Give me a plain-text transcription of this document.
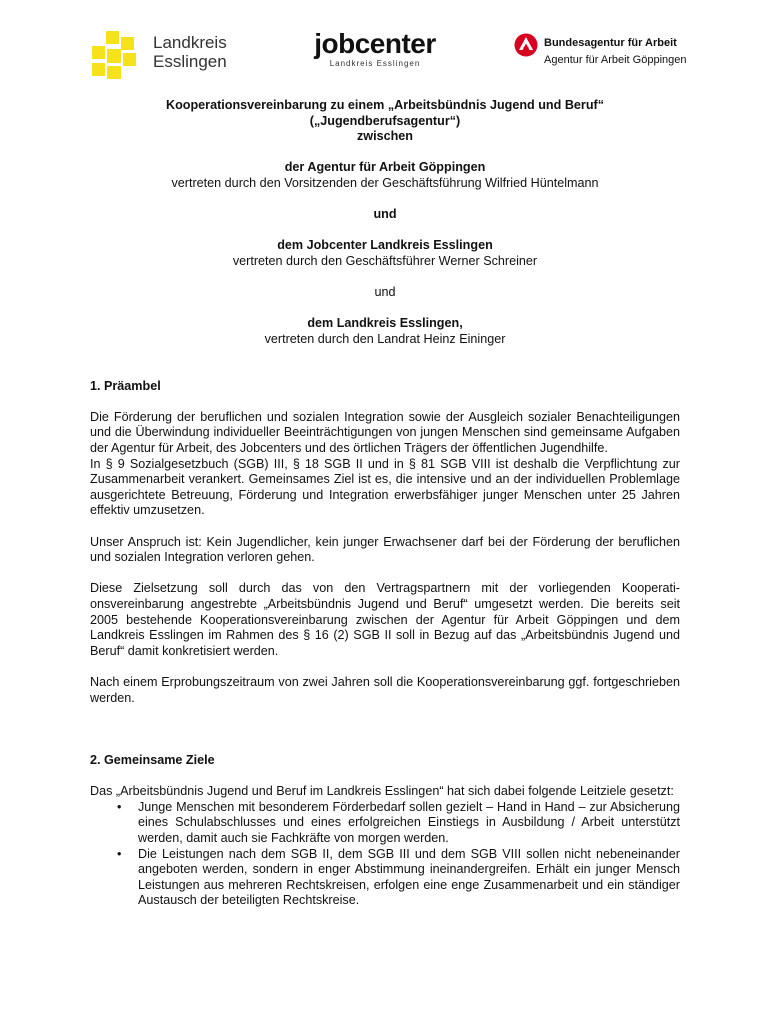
Landkreis
Esslingen
jobcenter
Landkreis Esslingen
Bundesagentur für Arbeit
Agentur für Arbeit Göppingen
Kooperationsvereinbarung zu einem „Arbeitsbündnis Jugend und Beruf“
(„Jugendberufsagentur“)
zwischen
der Agentur für Arbeit Göppingen
vertreten durch den Vorsitzenden der Geschäftsführung Wilfried Hüntelmann
und
dem Jobcenter Landkreis Esslingen
vertreten durch den Geschäftsführer Werner Schreiner
und
dem Landkreis Esslingen,
vertreten durch den Landrat Heinz Eininger

1. Präambel

Die Förderung der beruflichen und sozialen Integration sowie der Ausgleich sozialer Benachteiligungen und die Überwindung individueller Beeinträchtigungen von jungen Menschen sind gemeinsame Aufgaben der Agentur für Arbeit, des Jobcenters und des örtlichen Trägers der öffentlichen Jugendhilfe.

In § 9 Sozialgesetzbuch (SGB) III, § 18 SGB II und in § 81 SGB VIII ist deshalb die Verpflichtung zur Zusammenarbeit verankert. Gemeinsames Ziel ist es, die intensive und an der individuellen Problemlage ausgerichtete Betreuung, Förderung und Integration erwerbsfähiger junger Menschen unter 25 Jahren effektiv umzusetzen.

Unser Anspruch ist: Kein Jugendlicher, kein junger Erwachsener darf bei der Förderung der beruflichen und sozialen Integration verloren gehen.

Diese Zielsetzung soll durch das von den Vertragspartnern mit der vorliegenden Kooperationsvereinbarung angestrebte „Arbeitsbündnis Jugend und Beruf“ umgesetzt werden. Die bereits seit 2005 bestehende Kooperationsvereinbarung zwischen der Agentur für Arbeit Göppingen und dem Landkreis Esslingen im Rahmen des § 16 (2) SGB II soll in Bezug auf das „Arbeitsbündnis Jugend und Beruf“ damit konkretisiert werden.

Nach einem Erprobungszeitraum von zwei Jahren soll die Kooperationsvereinbarung ggf. fortgeschrieben werden.

2. Gemeinsame Ziele

Das „Arbeitsbündnis Jugend und Beruf im Landkreis Esslingen“ hat sich dabei folgende Leitziele gesetzt:

• Junge Menschen mit besonderem Förderbedarf sollen gezielt – Hand in Hand – zur Absicherung eines Schulabschlusses und eines erfolgreichen Einstiegs in Ausbildung / Arbeit unterstützt werden, damit auch sie Fachkräfte von morgen werden.
• Die Leistungen nach dem SGB II, dem SGB III und dem SGB VIII sollen nicht nebeneinander angeboten werden, sondern in enger Abstimmung ineinandergreifen. Erhält ein junger Mensch Leistungen aus mehreren Rechtskreisen, erfolgen eine enge Zusammenarbeit und ein ständiger Austausch der beteiligten Rechtskreise.
